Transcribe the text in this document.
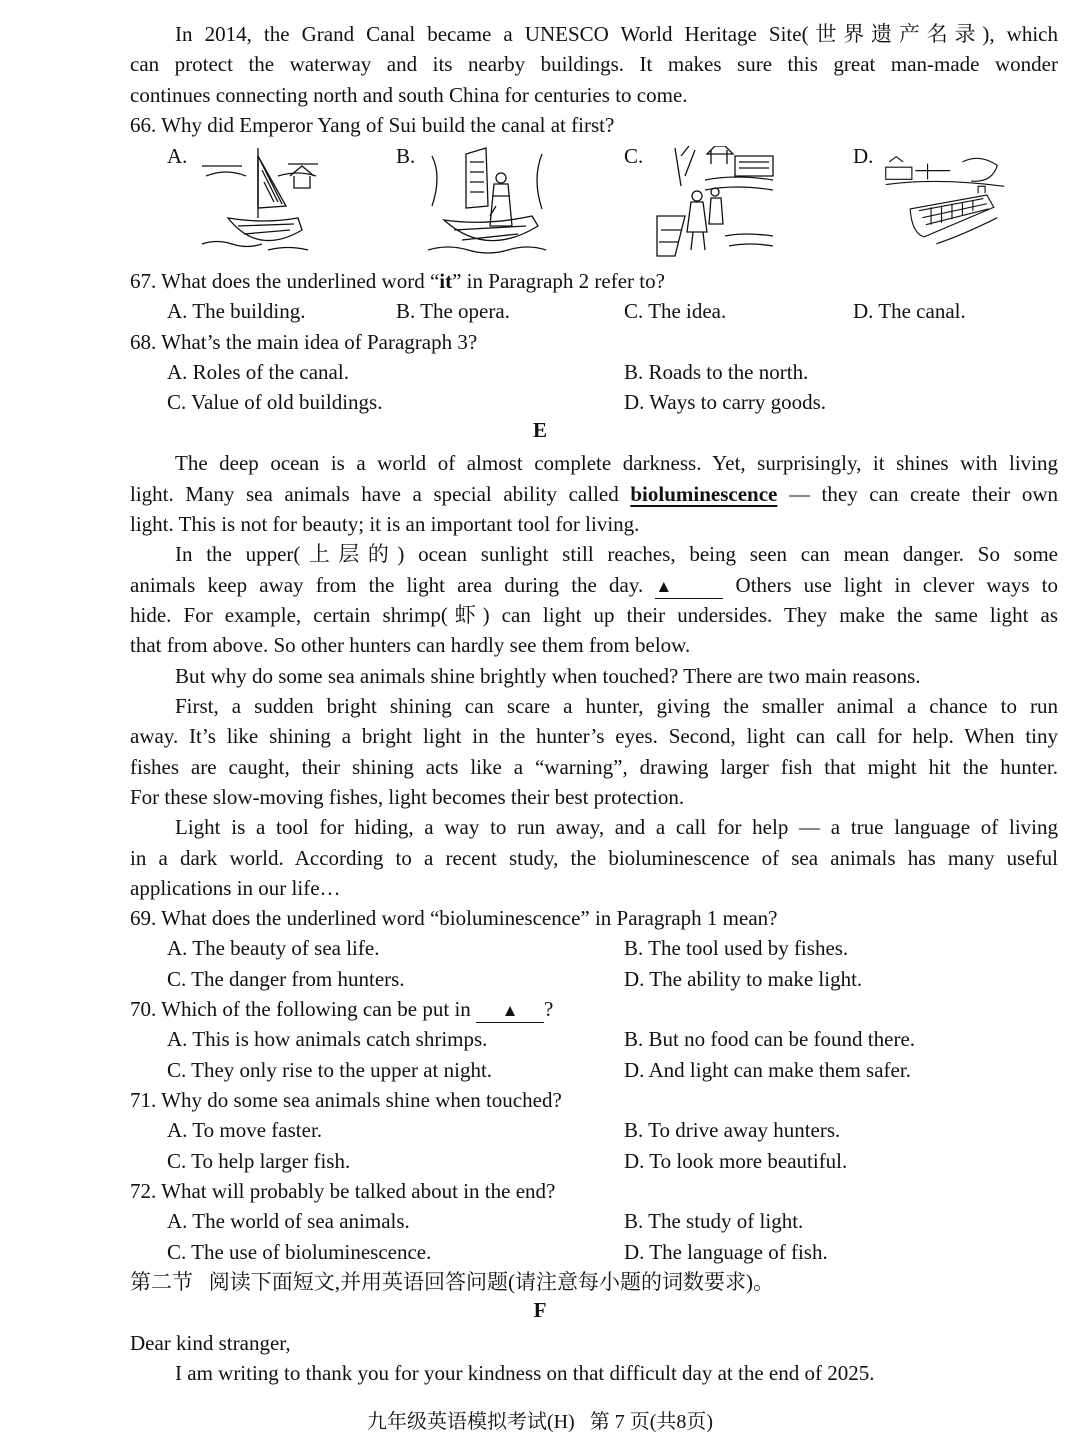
In 2014, the Grand Canal became a UNESCO World Heritage Site(世界遗产名录), which
can protect the waterway and its nearby buildings. It makes sure this great man-made wonder
continues connecting north and south China for centuries to come.
66. Why did Emperor Yang of Sui build the canal at first?
A.	B.	C.	D.
67. What does the underlined word “it” in Paragraph 2 refer to?
A. The building.	B. The opera.	C. The idea.	D. The canal.
68. What’s the main idea of Paragraph 3?
A. Roles of the canal.	B. Roads to the north.
C. Value of old buildings.	D. Ways to carry goods.
E
The deep ocean is a world of almost complete darkness. Yet, surprisingly, it shines with living
light. Many sea animals have a special ability called bioluminescence — they can create their own
light. This is not for beauty; it is an important tool for living.
In the upper(上层的) ocean sunlight still reaches, being seen can mean danger. So some
animals keep away from the light area during the day. ▲	Others use light in clever ways to
hide. For example, certain shrimp(虾) can light up their undersides. They make the same light as
that from above. So other hunters can hardly see them from below.
But why do some sea animals shine brightly when touched? There are two main reasons.
First, a sudden bright shining can scare a hunter, giving the smaller animal a chance to run
away. It’s like shining a bright light in the hunter’s eyes. Second, light can call for help. When tiny
fishes are caught, their shining acts like a “warning”, drawing larger fish that might hit the hunter.
For these slow-moving fishes, light becomes their best protection.
Light is a tool for hiding, a way to run away, and a call for help — a true language of living
in a dark world. According to a recent study, the bioluminescence of sea animals has many useful
applications in our life…
69. What does the underlined word “bioluminescence” in Paragraph 1 mean?
A. The beauty of sea life.	B. The tool used by fishes.
C. The danger from hunters.	D. The ability to make light.
70. Which of the following can be put in ▲ ?
A. This is how animals catch shrimps.	B. But no food can be found there.
C. They only rise to the upper at night.	D. And light can make them safer.
71. Why do some sea animals shine when touched?
A. To move faster.	B. To drive away hunters.
C. To help larger fish.	D. To look more beautiful.
72. What will probably be talked about in the end?
A. The world of sea animals.	B. The study of light.
C. The use of bioluminescence.	D. The language of fish.
第二节   阅读下面短文,并用英语回答问题(请注意每小题的词数要求)。
F
Dear kind stranger,
I am writing to thank you for your kindness on that difficult day at the end of 2025.
九年级英语模拟考试(H)   第 7 页(共8页)
